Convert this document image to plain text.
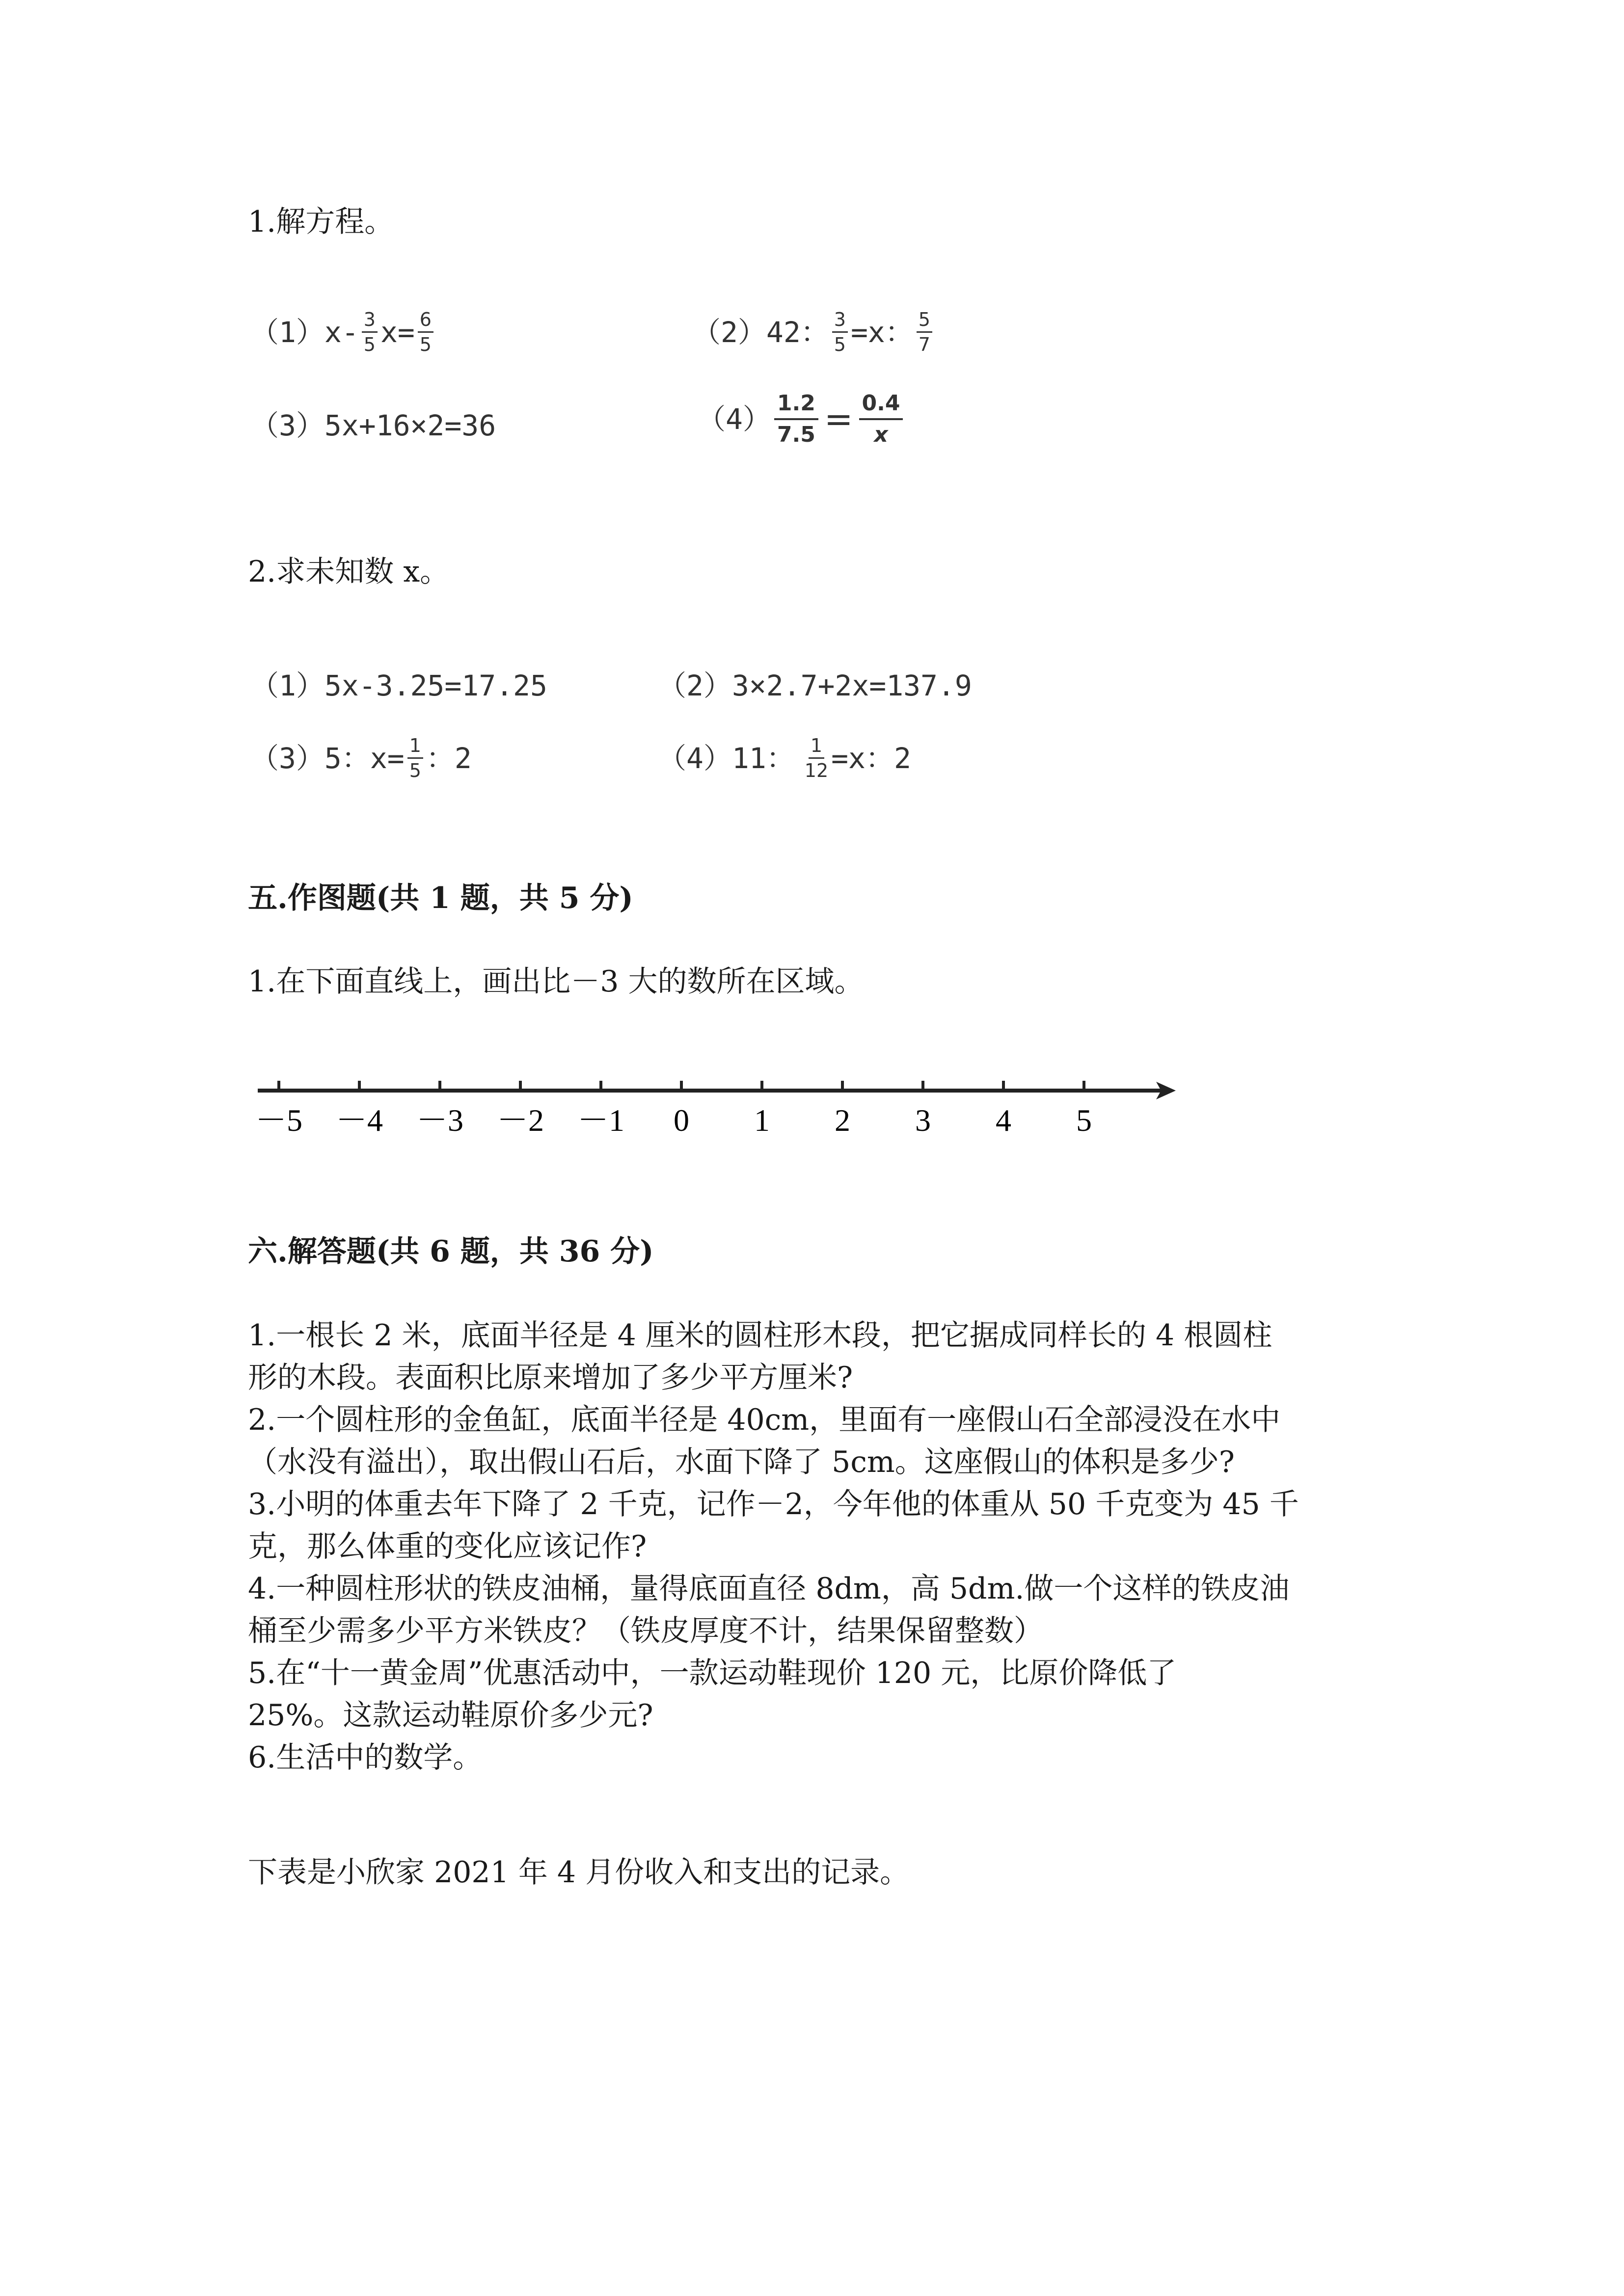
1.解方程。
$(1)x- \frac{3}{5} x= \frac{6}{5}$	（2）42： $\frac{3}{5} =x$： $\frac{5}{7}$
（3）5x+16×2=36	$(4) \frac{1.2}{7.5} = \frac{0.4}{x}$
2.求未知数 x。
（1）5x-3.25=17.25	（2）3×2.7+2x=137.9
（3）5：$x= \frac{1}{5}$ ：2	（4）11： $\frac{1}{12} =x$：2
五.作图题(共 1 题，共 5 分)
1.在下面直线上，画出比－3 大的数所在区域。
－5 －4 －3 －2 －1 0 1 2 3 4 5
六.解答题(共 6 题，共 36 分)
1.一根长 2 米，底面半径是 4 厘米的圆柱形木段，把它据成同样长的 4 根圆柱
形的木段。表面积比原来增加了多少平方厘米?
2.一个圆柱形的金鱼缸，底面半径是 40cm，里面有一座假山石全部浸没在水中
（水没有溢出），取出假山石后，水面下降了 5cm。这座假山的体积是多少?
3.小明的体重去年下降了 2 千克，记作－2，今年他的体重从 50 千克变为 45 千
克，那么体重的变化应该记作?
4.一种圆柱形状的铁皮油桶，量得底面直径 8dm，高 5dm.做一个这样的铁皮油
桶至少需多少平方米铁皮？（铁皮厚度不计，结果保留整数）
5.在“十一黄金周”优惠活动中，一款运动鞋现价 120 元，比原价降低了
25%。这款运动鞋原价多少元?
6.生活中的数学。
下表是小欣家 2021 年 4 月份收入和支出的记录。
